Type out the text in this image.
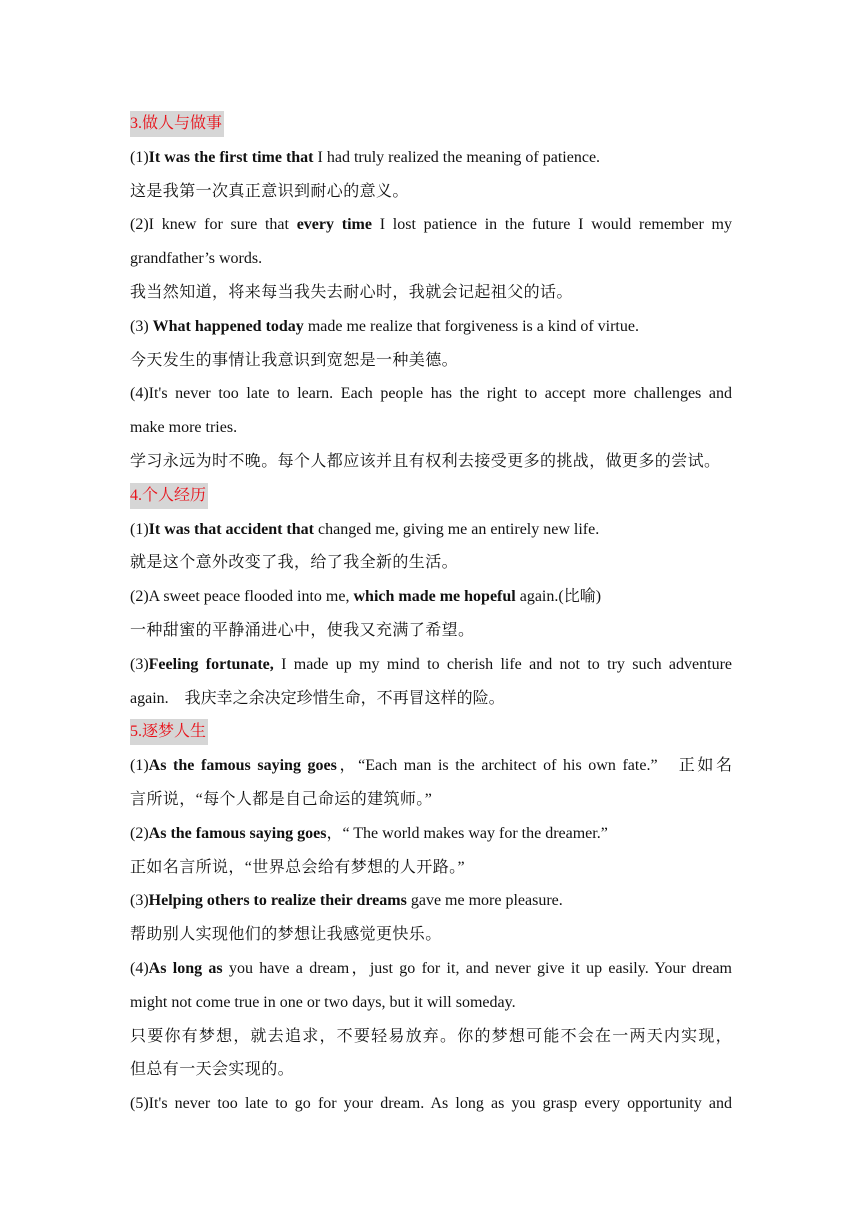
3.做人与做事
(1)It was the first time that I had truly realized the meaning of patience.
这是我第一次真正意识到耐心的意义。
(2)I knew for sure that every time I lost patience in the future I would remember my
grandfather’s words.
我当然知道，将来每当我失去耐心时，我就会记起祖父的话。
(3) What happened today made me realize that forgiveness is a kind of virtue.
今天发生的事情让我意识到宽恕是一种美德。
(4)It's never too late to learn. Each people has the right to accept more challenges and
make more tries.
学习永远为时不晚。每个人都应该并且有权利去接受更多的挑战，做更多的尝试。
4.个人经历
(1)It was that accident that changed me, giving me an entirely new life.
就是这个意外改变了我，给了我全新的生活。
(2)A sweet peace flooded into me, which made me hopeful again.(比喻)
一种甜蜜的平静涌进心中，使我又充满了希望。
(3)Feeling fortunate, I made up my mind to cherish life and not to try such adventure
again.　我庆幸之余决定珍惜生命，不再冒这样的险。
5.逐梦人生
(1)As the famous saying goes，“Each man is the architect of his own fate.”　正如名
言所说，“每个人都是自己命运的建筑师。”
(2)As the famous saying goes，“ The world makes way for the dreamer.”
正如名言所说，“世界总会给有梦想的人开路。”
(3)Helping others to realize their dreams gave me more pleasure.
帮助别人实现他们的梦想让我感觉更快乐。
(4)As long as you have a dream，just go for it, and never give it up easily. Your dream
might not come true in one or two days, but it will someday.
只要你有梦想，就去追求，不要轻易放弃。你的梦想可能不会在一两天内实现，
但总有一天会实现的。
(5)It's never too late to go for your dream. As long as you grasp every opportunity and
